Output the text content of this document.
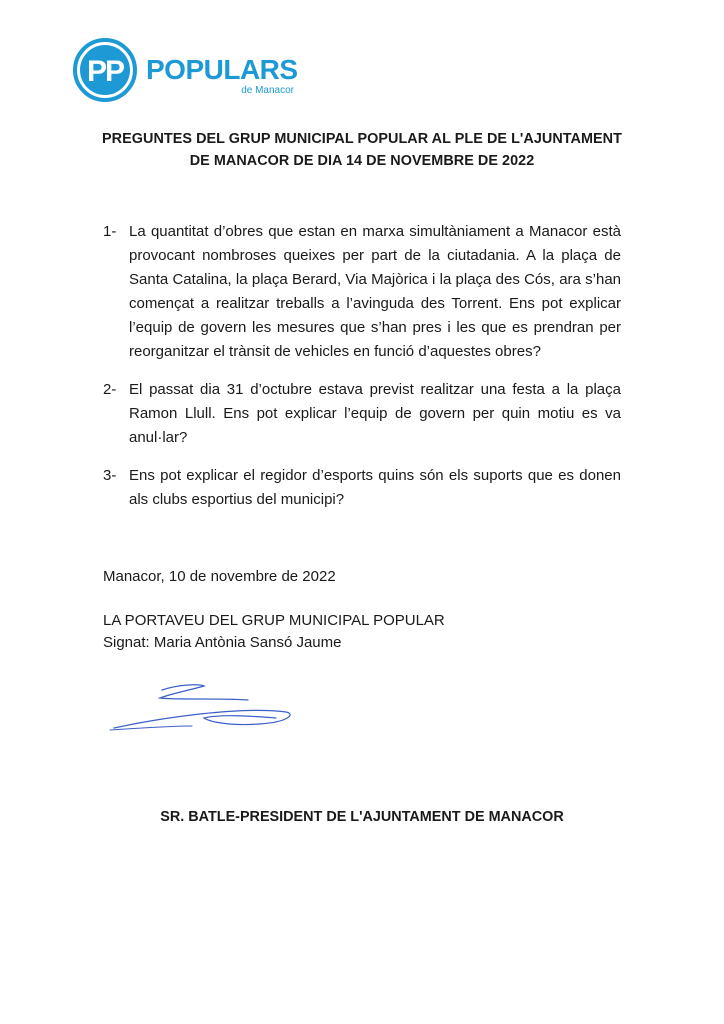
PP POPULARS
de Manacor
PREGUNTES DEL GRUP MUNICIPAL POPULAR AL PLE DE L'AJUNTAMENT
DE MANACOR DE DIA 14 DE NOVEMBRE DE 2022
1- La quantitat d’obres que estan en marxa simultàniament a Manacor està provocant nombroses queixes per part de la ciutadania. A la plaça de Santa Catalina, la plaça Berard, Via Majòrica i la plaça des Cós, ara s’han començat a realitzar treballs a l’avinguda des Torrent. Ens pot explicar l’equip de govern les mesures que s’han pres i les que es prendran per reorganitzar el trànsit de vehicles en funció d’aquestes obres?
2- El passat dia 31 d’octubre estava previst realitzar una festa a la plaça Ramon Llull. Ens pot explicar l’equip de govern per quin motiu es va anul·lar?
3- Ens pot explicar el regidor d’esports quins són els suports que es donen als clubs esportius del municipi?

Manacor, 10 de novembre de 2022

LA PORTAVEU DEL GRUP MUNICIPAL POPULAR
Signat: Maria Antònia Sansó Jaume
SR. BATLE-PRESIDENT DE L'AJUNTAMENT DE MANACOR
